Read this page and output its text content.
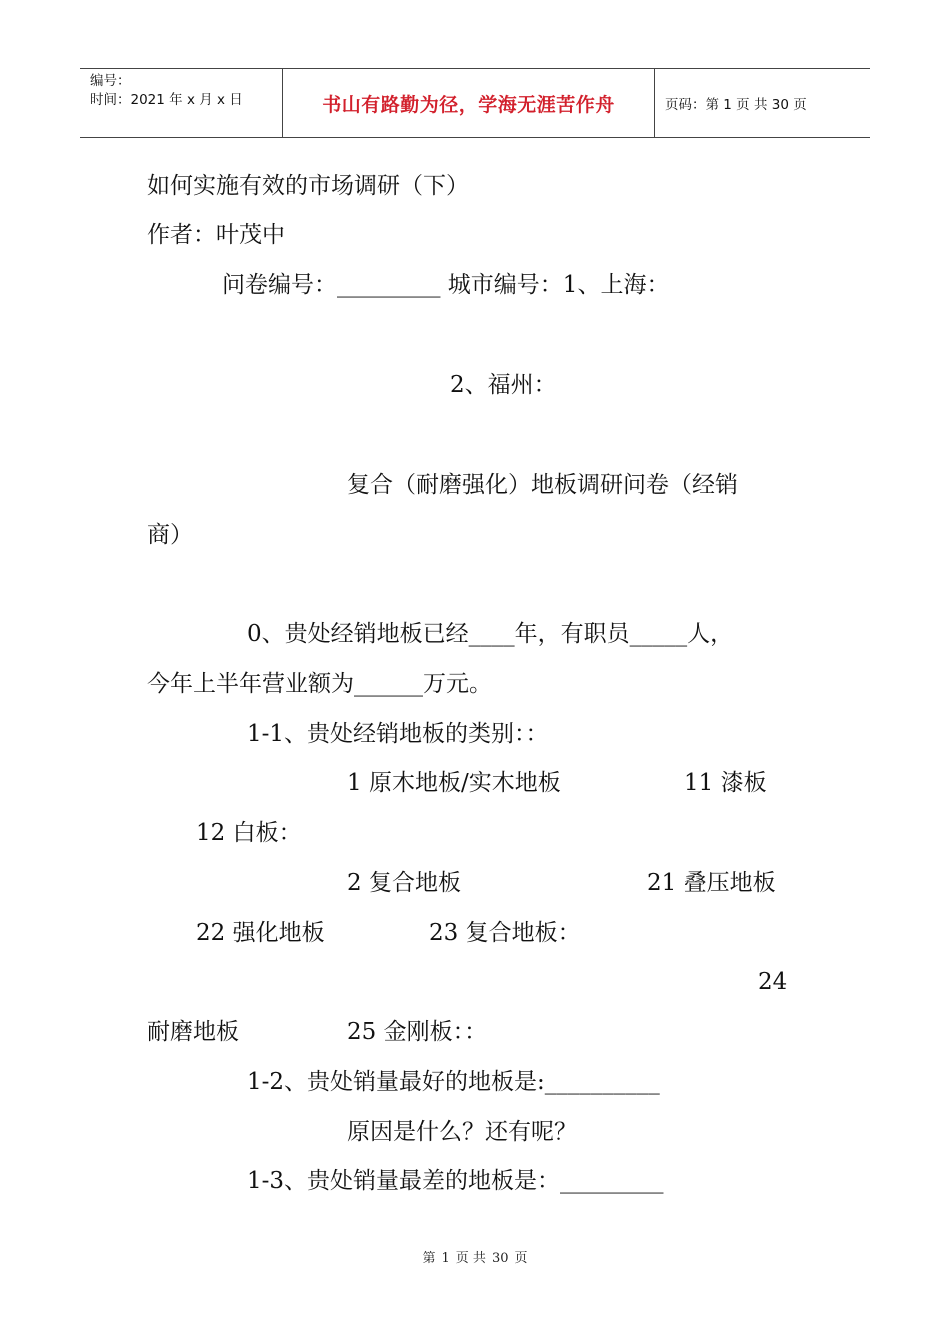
编号：
时间：2021 年 x 月 x 日	书山有路勤为径，学海无涯苦作舟	页码：第 1 页 共 30 页
如何实施有效的市场调研（下）
作者：叶茂中
问卷编号：_________ 城市编号：1、上海：
2、福州：
复合（耐磨强化）地板调研问卷（经销
商）
0、贵处经销地板已经____年，有职员_____人，
今年上半年营业额为______万元。
1-1、贵处经销地板的类别：：
1 原木地板/实木地板	11 漆板
12 白板：
2 复合地板	21 叠压地板
22 强化地板	23 复合地板：
24
耐磨地板	25 金刚板：：
1-2、贵处销量最好的地板是:__________
原因是什么？还有呢？
1-3、贵处销量最差的地板是：_________
第 1 页 共 30 页
